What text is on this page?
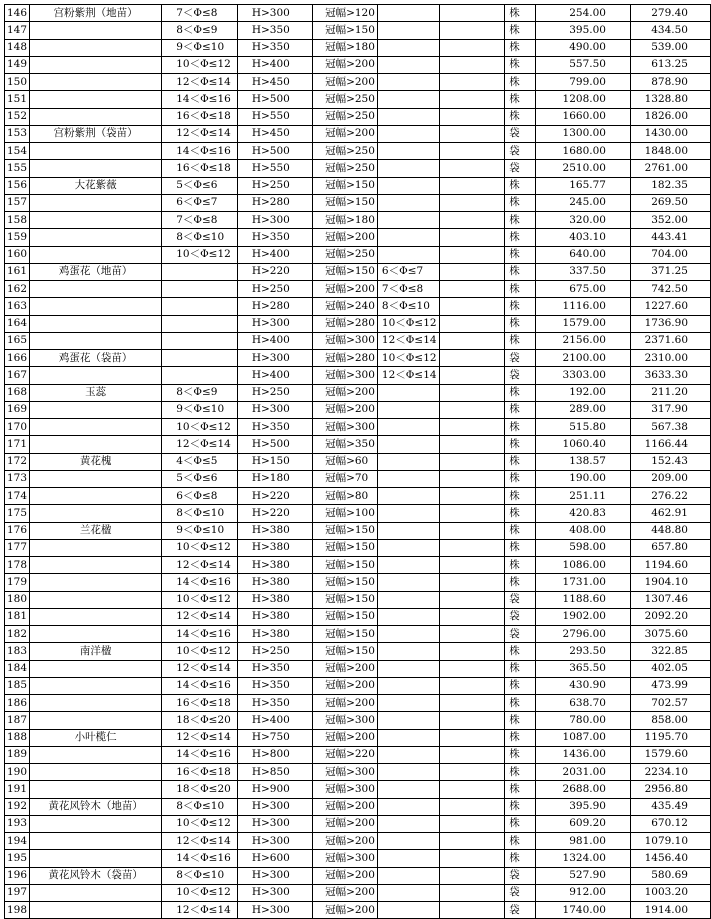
146	宫粉紫荆（地苗）	7＜Φ≤8	H>300	冠幅>120			株	254.00	279.40
147		8＜Φ≤9	H>350	冠幅>150			株	395.00	434.50
148		9＜Φ≤10	H>350	冠幅>180			株	490.00	539.00
149		10＜Φ≤12	H>400	冠幅>200			株	557.50	613.25
150		12＜Φ≤14	H>450	冠幅>200			株	799.00	878.90
151		14＜Φ≤16	H>500	冠幅>250			株	1208.00	1328.80
152		16＜Φ≤18	H>550	冠幅>250			株	1660.00	1826.00
153	宫粉紫荆（袋苗）	12＜Φ≤14	H>450	冠幅>200			袋	1300.00	1430.00
154		14＜Φ≤16	H>500	冠幅>250			袋	1680.00	1848.00
155		16＜Φ≤18	H>550	冠幅>250			袋	2510.00	2761.00
156	大花紫薇	5＜Φ≤6	H>250	冠幅>150			株	165.77	182.35
157		6＜Φ≤7	H>280	冠幅>150			株	245.00	269.50
158		7＜Φ≤8	H>300	冠幅>180			株	320.00	352.00
159		8＜Φ≤10	H>350	冠幅>200			株	403.10	443.41
160		10＜Φ≤12	H>400	冠幅>250			株	640.00	704.00
161	鸡蛋花（地苗）		H>220	冠幅>150	6＜Φ≤7		株	337.50	371.25
162			H>250	冠幅>200	7＜Φ≤8		株	675.00	742.50
163			H>280	冠幅>240	8＜Φ≤10		株	1116.00	1227.60
164			H>300	冠幅>280	10＜Φ≤12		株	1579.00	1736.90
165			H>400	冠幅>300	12＜Φ≤14		株	2156.00	2371.60
166	鸡蛋花（袋苗）		H>300	冠幅>280	10＜Φ≤12		袋	2100.00	2310.00
167			H>400	冠幅>300	12＜Φ≤14		袋	3303.00	3633.30
168	玉蕊	8＜Φ≤9	H>250	冠幅>200			株	192.00	211.20
169		9＜Φ≤10	H>300	冠幅>200			株	289.00	317.90
170		10＜Φ≤12	H>350	冠幅>300			株	515.80	567.38
171		12＜Φ≤14	H>500	冠幅>350			株	1060.40	1166.44
172	黄花槐	4＜Φ≤5	H>150	冠幅>60			株	138.57	152.43
173		5＜Φ≤6	H>180	冠幅>70			株	190.00	209.00
174		6＜Φ≤8	H>220	冠幅>80			株	251.11	276.22
175		8＜Φ≤10	H>220	冠幅>100			株	420.83	462.91
176	兰花楹	9＜Φ≤10	H>380	冠幅>150			株	408.00	448.80
177		10＜Φ≤12	H>380	冠幅>150			株	598.00	657.80
178		12＜Φ≤14	H>380	冠幅>150			株	1086.00	1194.60
179		14＜Φ≤16	H>380	冠幅>150			株	1731.00	1904.10
180		10＜Φ≤12	H>380	冠幅>150			袋	1188.60	1307.46
181		12＜Φ≤14	H>380	冠幅>150			袋	1902.00	2092.20
182		14＜Φ≤16	H>380	冠幅>150			袋	2796.00	3075.60
183	南洋楹	10＜Φ≤12	H>250	冠幅>150			株	293.50	322.85
184		12＜Φ≤14	H>350	冠幅>200			株	365.50	402.05
185		14＜Φ≤16	H>350	冠幅>200			株	430.90	473.99
186		16＜Φ≤18	H>350	冠幅>200			株	638.70	702.57
187		18＜Φ≤20	H>400	冠幅>300			株	780.00	858.00
188	小叶榄仁	12＜Φ≤14	H>750	冠幅>200			株	1087.00	1195.70
189		14＜Φ≤16	H>800	冠幅>220			株	1436.00	1579.60
190		16＜Φ≤18	H>850	冠幅>300			株	2031.00	2234.10
191		18＜Φ≤20	H>900	冠幅>300			株	2688.00	2956.80
192	黄花风铃木（地苗）	8＜Φ≤10	H>300	冠幅>200			株	395.90	435.49
193		10＜Φ≤12	H>300	冠幅>200			株	609.20	670.12
194		12＜Φ≤14	H>300	冠幅>200			株	981.00	1079.10
195		14＜Φ≤16	H>600	冠幅>300			株	1324.00	1456.40
196	黄花风铃木（袋苗）	8＜Φ≤10	H>300	冠幅>200			袋	527.90	580.69
197		10＜Φ≤12	H>300	冠幅>200			袋	912.00	1003.20
198		12＜Φ≤14	H>300	冠幅>200			袋	1740.00	1914.00
